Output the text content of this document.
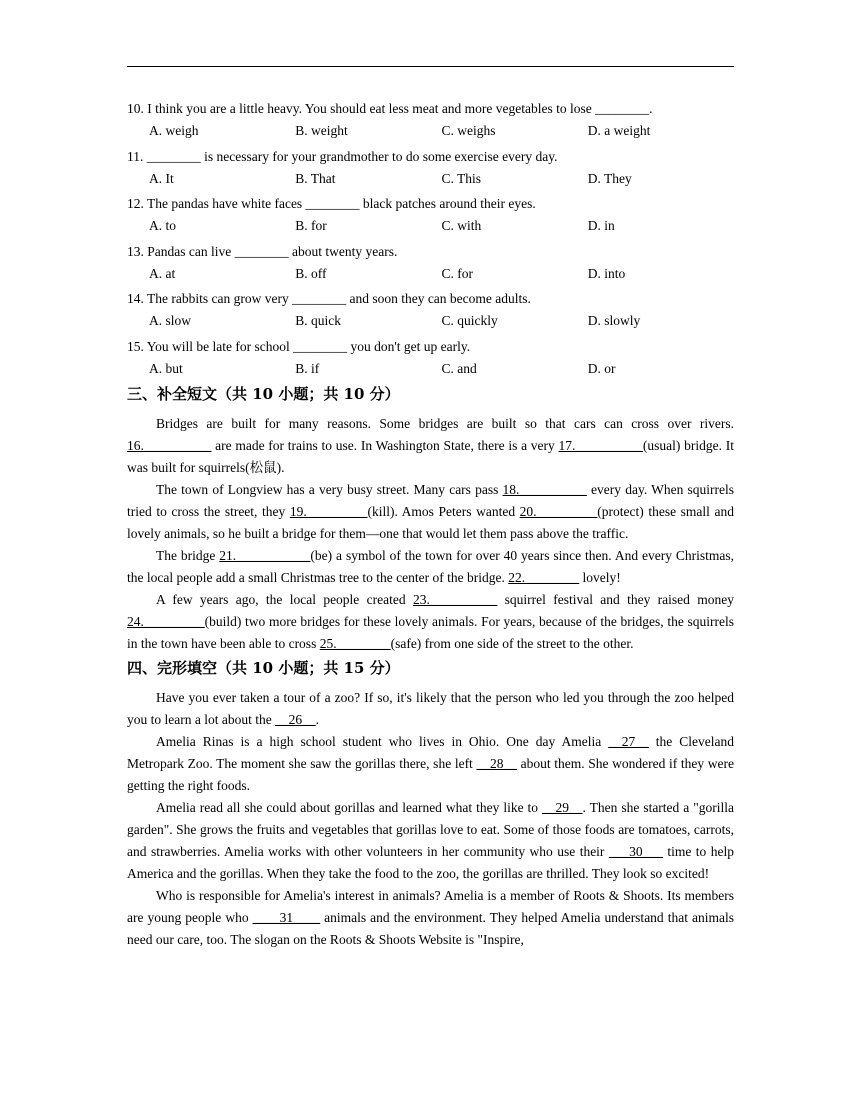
10. I think you are a little heavy. You should eat less meat and more vegetables to lose ________.
A. weigh	B. weight	C. weighs	D. a weight
11. ________ is necessary for your grandmother to do some exercise every day.
A. It	B. That	C. This	D. They
12. The pandas have white faces ________ black patches around their eyes.
A. to	B. for	C. with	D. in
13. Pandas can live ________ about twenty years.
A. at	B. off	C. for	D. into
14. The rabbits can grow very ________ and soon they can become adults.
A. slow	B. quick	C. quickly	D. slowly
15. You will be late for school ________ you don't get up early.
A. but	B. if	C. and	D. or
三、补全短文（共 10 小题；共 10 分）

Bridges are built for many reasons. Some bridges are built so that cars can cross over rivers. 16.__________ are made for trains to use. In Washington State, there is a very 17.__________(usual) bridge. It was built for squirrels(松鼠).

The town of Longview has a very busy street. Many cars pass 18.__________ every day. When squirrels tried to cross the street, they 19._________(kill). Amos Peters wanted 20._________(protect) these small and lovely animals, so he built a bridge for them—one that would let them pass above the traffic.

The bridge 21.___________(be) a symbol of the town for over 40 years since then. And every Christmas, the local people add a small Christmas tree to the center of the bridge. 22.________ lovely!

A few years ago, the local people created 23.__________ squirrel festival and they raised money 24._________(build) two more bridges for these lovely animals. For years, because of the bridges, the squirrels in the town have been able to cross 25.________(safe) from one side of the street to the other.

四、完形填空（共 10 小题；共 15 分）

Have you ever taken a tour of a zoo? If so, it's likely that the person who led you through the zoo helped you to learn a lot about the __26__.

Amelia Rinas is a high school student who lives in Ohio. One day Amelia __27__ the Cleveland Metropark Zoo. The moment she saw the gorillas there, she left __28__ about them. She wondered if they were getting the right foods.

Amelia read all she could about gorillas and learned what they like to __29__. Then she started a "gorilla garden". She grows the fruits and vegetables that gorillas love to eat. Some of those foods are tomatoes, carrots, and strawberries. Amelia works with other volunteers in her community who use their ___30___ time to help America and the gorillas. When they take the food to the zoo, the gorillas are thrilled. They look so excited!

Who is responsible for Amelia's interest in animals? Amelia is a member of Roots & Shoots. Its members are young people who ____31____ animals and the environment. They helped Amelia understand that animals need our care, too. The slogan on the Roots & Shoots Website is "Inspire,
